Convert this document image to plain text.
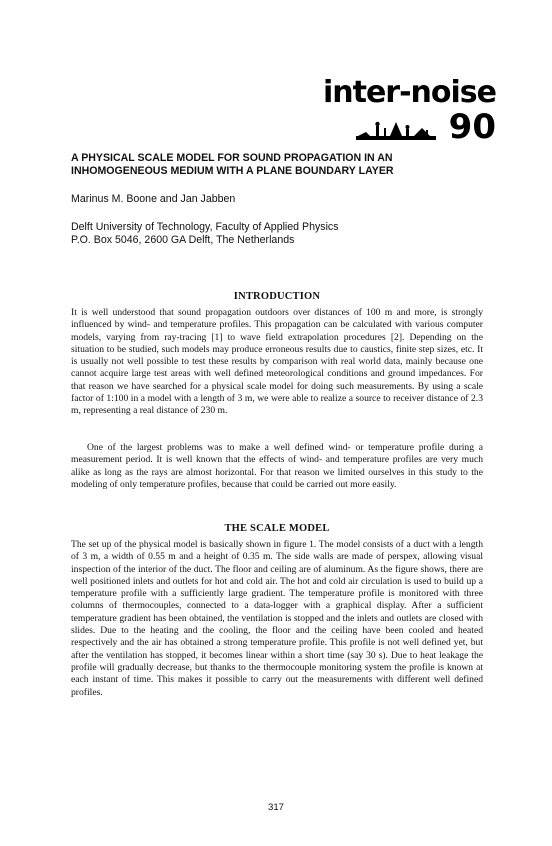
inter-noise
90
A PHYSICAL SCALE MODEL FOR SOUND PROPAGATION IN AN INHOMOGENEOUS MEDIUM WITH A PLANE BOUNDARY LAYER

Marinus M. Boone and Jan Jabben

Delft University of Technology, Faculty of Applied Physics
P.O. Box 5046, 2600 GA Delft, The Netherlands

INTRODUCTION

It is well understood that sound propagation outdoors over distances of 100 m and more, is strongly influenced by wind- and temperature profiles. This propagation can be calculated with various computer models, varying from ray-tracing [1] to wave field extrapolation procedures [2]. Depending on the situation to be studied, such models may produce erroneous results due to caustics, finite step sizes, etc. It is usually not well possible to test these results by comparison with real world data, mainly because one cannot acquire large test areas with well defined meteorological conditions and ground impedances. For that reason we have searched for a physical scale model for doing such measurements. By using a scale factor of 1:100 in a model with a length of 3 m, we were able to realize a source to receiver distance of 2.3 m, representing a real distance of 230 m.

One of the largest problems was to make a well defined wind- or temperature profile during a measurement period. It is well known that the effects of wind- and temperature profiles are very much alike as long as the rays are almost horizontal. For that reason we limited ourselves in this study to the modeling of only temperature profiles, because that could be carried out more easily.

THE SCALE MODEL

The set up of the physical model is basically shown in figure 1. The model consists of a duct with a length of 3 m, a width of 0.55 m and a height of 0.35 m. The side walls are made of perspex, allowing visual inspection of the interior of the duct. The floor and ceiling are of aluminum. As the figure shows, there are well positioned inlets and outlets for hot and cold air. The hot and cold air circulation is used to build up a temperature profile with a sufficiently large gradient. The temperature profile is monitored with three columns of thermocouples, connected to a data-logger with a graphical display. After a sufficient temperature gradient has been obtained, the ventilation is stopped and the inlets and outlets are closed with slides. Due to the heating and the cooling, the floor and the ceiling have been cooled and heated respectively and the air has obtained a strong temperature profile. This profile is not well defined yet, but after the ventilation has stopped, it becomes linear within a short time (say 30 s). Due to heat leakage the profile will gradually decrease, but thanks to the thermocouple monitoring system the profile is known at each instant of time. This makes it possible to carry out the measurements with different well defined profiles.

317
